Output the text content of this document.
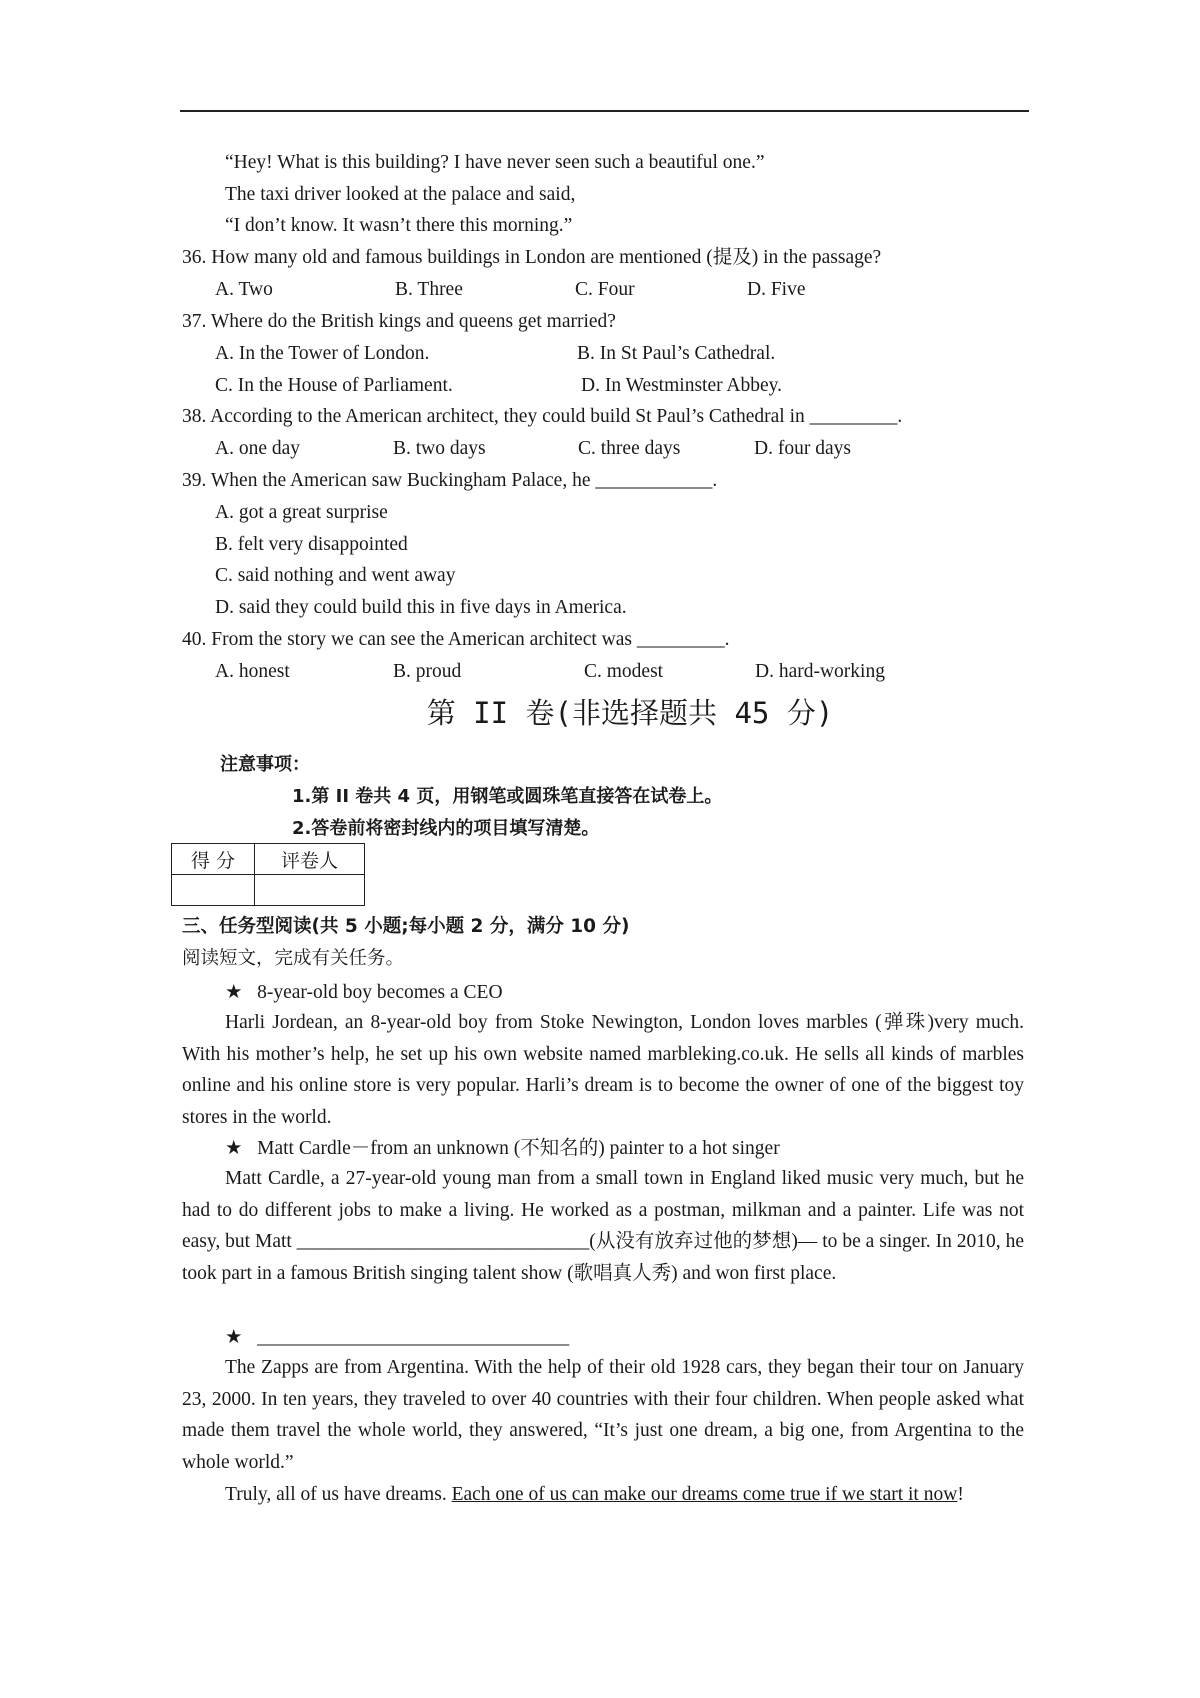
“Hey! What is this building? I have never seen such a beautiful one.”
The taxi driver looked at the palace and said,
“I don’t know. It wasn’t there this morning.”
36. How many old and famous buildings in London are mentioned (提及) in the passage?
A. Two	B. Three	C. Four	D. Five
37. Where do the British kings and queens get married?
A. In the Tower of London.	B. In St Paul’s Cathedral.
C. In the House of Parliament.	D. In Westminster Abbey.
38. According to the American architect, they could build St Paul’s Cathedral in _________.
A. one day	B. two days	C. three days	D. four days
39. When the American saw Buckingham Palace, he ____________.
A. got a great surprise
B. felt very disappointed
C. said nothing and went away
D. said they could build this in five days in America.
40. From the story we can see the American architect was _________.
A. honest	B. proud	C. modest	D. hard-working
第 II 卷(非选择题共 45 分)
注意事项：
1.第 II 卷共 4 页，用钢笔或圆珠笔直接答在试卷上。
2.答卷前将密封线内的项目填写清楚。
得 分	评卷人

三、任务型阅读(共 5 小题;每小题 2 分，满分 10 分)
阅读短文，完成有关任务。
★ 8-year-old boy becomes a CEO
Harli Jordean, an 8-year-old boy from Stoke Newington, London loves marbles (弹珠)very much. With his mother’s help, he set up his own website named marbleking.co.uk. He sells all kinds of marbles online and his online store is very popular. Harli’s dream is to become the owner of one of the biggest toy stores in the world.
★ Matt Cardle－from an unknown (不知名的) painter to a hot singer
Matt Cardle, a 27-year-old young man from a small town in England liked music very much, but he had to do different jobs to make a living. He worked as a postman, milkman and a painter. Life was not easy, but Matt ______________________________(从没有放弃过他的梦想)— to be a singer. In 2010, he took part in a famous British singing talent show (歌唱真人秀) and won first place.
★ ________________________________
The Zapps are from Argentina. With the help of their old 1928 cars, they began their tour on January 23, 2000. In ten years, they traveled to over 40 countries with their four children. When people asked what made them travel the whole world, they answered, “It’s just one dream, a big one, from Argentina to the whole world.”
Truly, all of us have dreams. Each one of us can make our dreams come true if we start it now!
